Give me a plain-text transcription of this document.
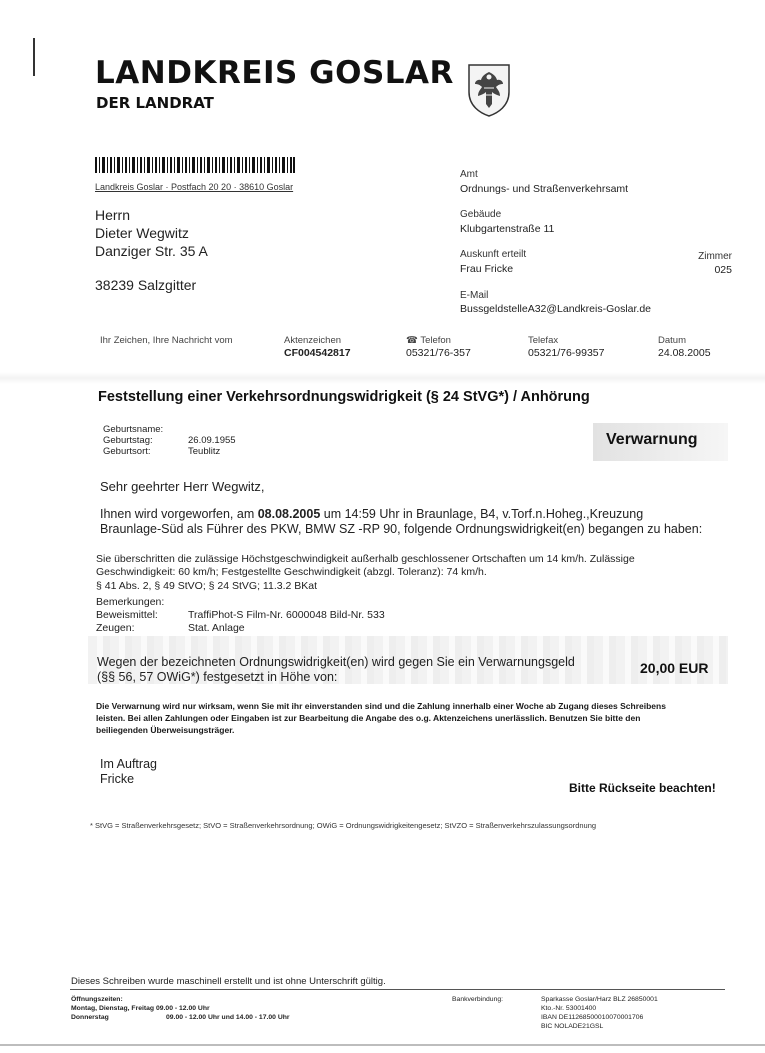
LANDKREIS GOSLAR
DER LANDRAT
Landkreis Goslar · Postfach 20 20 · 38610 Goslar
Herrn
Dieter Wegwitz
Danziger Str. 35 A
38239 Salzgitter
Amt
Ordnungs- und Straßenverkehrsamt
Gebäude
Klubgartenstraße 11
Auskunft erteilt
Frau Fricke
Zimmer
025
E-Mail
BussgeldstelleA32@Landkreis-Goslar.de
Ihr Zeichen, Ihre Nachricht vom	Aktenzeichen
CF004542817
☎ Telefon
05321/76-357
Telefax
05321/76-99357
Datum
24.08.2005
Feststellung einer Verkehrsordnungswidrigkeit (§ 24 StVG*) / Anhörung
Geburtsname:
Geburtstag:	26.09.1955
Geburtsort:	Teublitz
Verwarnung
Sehr geehrter Herr Wegwitz,
Ihnen wird vorgeworfen, am 08.08.2005 um 14:59 Uhr in Braunlage, B4, v.Torf.n.Hoheg.,Kreuzung
Braunlage-Süd als Führer des PKW, BMW SZ -RP 90, folgende Ordnungswidrigkeit(en) begangen zu haben:
Sie überschritten die zulässige Höchstgeschwindigkeit außerhalb geschlossener Ortschaften um 14 km/h. Zulässige
Geschwindigkeit: 60 km/h; Festgestellte Geschwindigkeit (abzgl. Toleranz): 74 km/h.
§ 41 Abs. 2, § 49 StVO; § 24 StVG; 11.3.2 BKat
Bemerkungen:
Beweismittel:	TraffiPhot-S Film-Nr. 6000048 Bild-Nr. 533
Zeugen:	Stat. Anlage
Wegen der bezeichneten Ordnungswidrigkeit(en) wird gegen Sie ein Verwarnungsgeld
(§§ 56, 57 OWiG*) festgesetzt in Höhe von:
20,00 EUR
Die Verwarnung wird nur wirksam, wenn Sie mit ihr einverstanden sind und die Zahlung innerhalb einer Woche ab Zugang dieses Schreibens
leisten. Bei allen Zahlungen oder Eingaben ist zur Bearbeitung die Angabe des o.g. Aktenzeichens unerlässlich. Benutzen Sie bitte den
beiliegenden Überweisungsträger.
Im Auftrag
Fricke
Bitte Rückseite beachten!
* StVG = Straßenverkehrsgesetz; StVO = Straßenverkehrsordnung; OWiG = Ordnungswidrigkeitengesetz; StVZO = Straßenverkehrszulassungsordnung
Dieses Schreiben wurde maschinell erstellt und ist ohne Unterschrift gültig.
Öffnungszeiten:
Montag, Dienstag, Freitag 09.00 - 12.00 Uhr
Donnerstag	09.00 - 12.00 Uhr und 14.00 - 17.00 Uhr
Bankverbindung:	Sparkasse Goslar/Harz BLZ 26850001
Kto.-Nr. 53001400
IBAN DE11268500010070001706
BIC NOLADE21GSL
